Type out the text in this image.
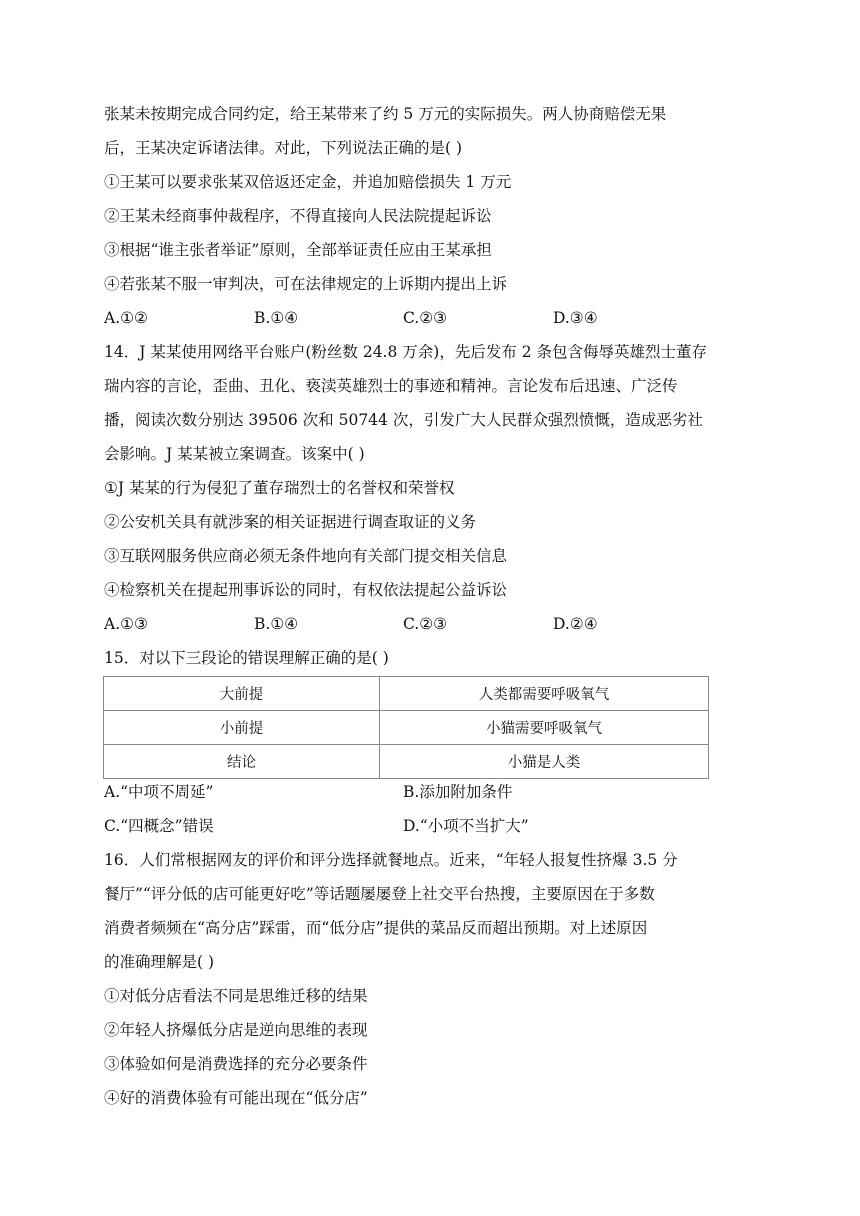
张某未按期完成合同约定，给王某带来了约 5 万元的实际损失。两人协商赔偿无果
后，王某决定诉诸法律。对此，下列说法正确的是( )
①王某可以要求张某双倍返还定金，并追加赔偿损失 1 万元
②王某未经商事仲裁程序，不得直接向人民法院提起诉讼
③根据“谁主张者举证”原则，全部举证责任应由王某承担
④若张某不服一审判决，可在法律规定的上诉期内提出上诉
A.①②	B.①④	C.②③	D.③④
14．J 某某使用网络平台账户(粉丝数 24.8 万余)，先后发布 2 条包含侮辱英雄烈士董存
瑞内容的言论，歪曲、丑化、亵渎英雄烈士的事迹和精神。言论发布后迅速、广泛传
播，阅读次数分别达 39506 次和 50744 次，引发广大人民群众强烈愤慨，造成恶劣社
会影响。J 某某被立案调查。该案中( )
①J 某某的行为侵犯了董存瑞烈士的名誉权和荣誉权
②公安机关具有就涉案的相关证据进行调查取证的义务
③互联网服务供应商必须无条件地向有关部门提交相关信息
④检察机关在提起刑事诉讼的同时，有权依法提起公益诉讼
A.①③	B.①④	C.②③	D.②④
15．对以下三段论的错误理解正确的是( )
大前提	人类都需要呼吸氧气
小前提	小猫需要呼吸氧气
结论	小猫是人类
A.“中项不周延”	B.添加附加条件
C.“四概念”错误	D.“小项不当扩大”
16．人们常根据网友的评价和评分选择就餐地点。近来，“年轻人报复性挤爆 3.5 分
餐厅”“评分低的店可能更好吃”等话题屡屡登上社交平台热搜，主要原因在于多数
消费者频频在“高分店”踩雷，而“低分店”提供的菜品反而超出预期。对上述原因
的准确理解是( )
①对低分店看法不同是思维迁移的结果
②年轻人挤爆低分店是逆向思维的表现
③体验如何是消费选择的充分必要条件
④好的消费体验有可能出现在“低分店”
